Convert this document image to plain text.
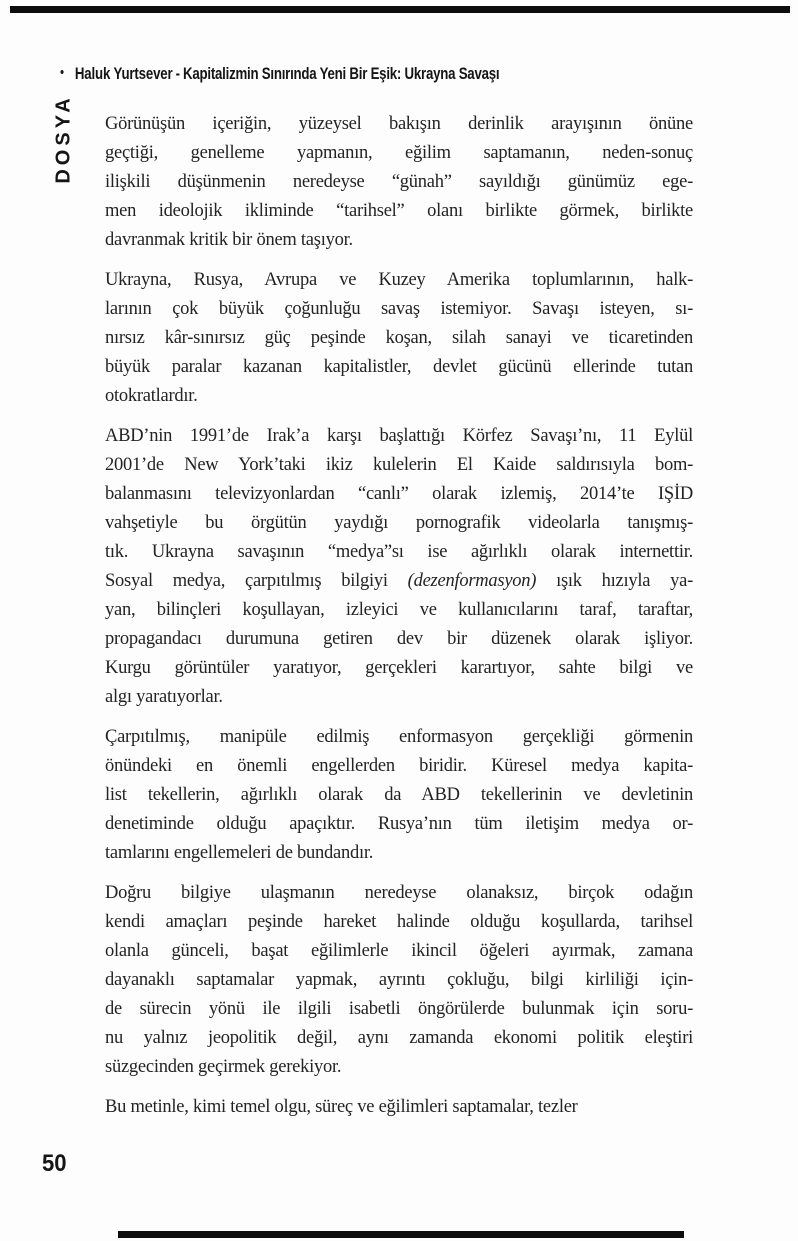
• Haluk Yurtsever - Kapitalizmin Sınırında Yeni Bir Eşik: Ukrayna Savaşı
DOSYA Görünüşün içeriğin, yüzeysel bakışın derinlik arayışının önüne
geçtiği, genelleme yapmanın, eğilim saptamanın, neden-sonuç
ilişkili düşünmenin neredeyse “günah” sayıldığı günümüz ege-
men ideolojik ikliminde “tarihsel” olanı birlikte görmek, birlikte
davranmak kritik bir önem taşıyor.
Ukrayna, Rusya, Avrupa ve Kuzey Amerika toplumlarının, halk-
larının çok büyük çoğunluğu savaş istemiyor. Savaşı isteyen, sı-
nırsız kâr-sınırsız güç peşinde koşan, silah sanayi ve ticaretinden
büyük paralar kazanan kapitalistler, devlet gücünü ellerinde tutan
otokratlardır.
ABD’nin 1991’de Irak’a karşı başlattığı Körfez Savaşı’nı, 11 Eylül
2001’de New York’taki ikiz kulelerin El Kaide saldırısıyla bom-
balanmasını televizyonlardan “canlı” olarak izlemiş, 2014’te IŞİD
vahşetiyle bu örgütün yaydığı pornografik videolarla tanışmış-
tık. Ukrayna savaşının “medya”sı ise ağırlıklı olarak internettir.
Sosyal medya, çarpıtılmış bilgiyi (dezenformasyon) ışık hızıyla ya-
yan, bilinçleri koşullayan, izleyici ve kullanıcılarını taraf, taraftar,
propagandacı durumuna getiren dev bir düzenek olarak işliyor.
Kurgu görüntüler yaratıyor, gerçekleri karartıyor, sahte bilgi ve
algı yaratıyorlar.
Çarpıtılmış, manipüle edilmiş enformasyon gerçekliği görmenin
önündeki en önemli engellerden biridir. Küresel medya kapita-
list tekellerin, ağırlıklı olarak da ABD tekellerinin ve devletinin
denetiminde olduğu apaçıktır. Rusya’nın tüm iletişim medya or-
tamlarını engellemeleri de bundandır.
Doğru bilgiye ulaşmanın neredeyse olanaksız, birçok odağın
kendi amaçları peşinde hareket halinde olduğu koşullarda, tarihsel
olanla günceli, başat eğilimlerle ikincil öğeleri ayırmak, zamana
dayanaklı saptamalar yapmak, ayrıntı çokluğu, bilgi kirliliği için-
de sürecin yönü ile ilgili isabetli öngörülerde bulunmak için soru-
nu yalnız jeopolitik değil, aynı zamanda ekonomi politik eleştiri
süzgecinden geçirmek gerekiyor.
Bu metinle, kimi temel olgu, süreç ve eğilimleri saptamalar, tezler
50
